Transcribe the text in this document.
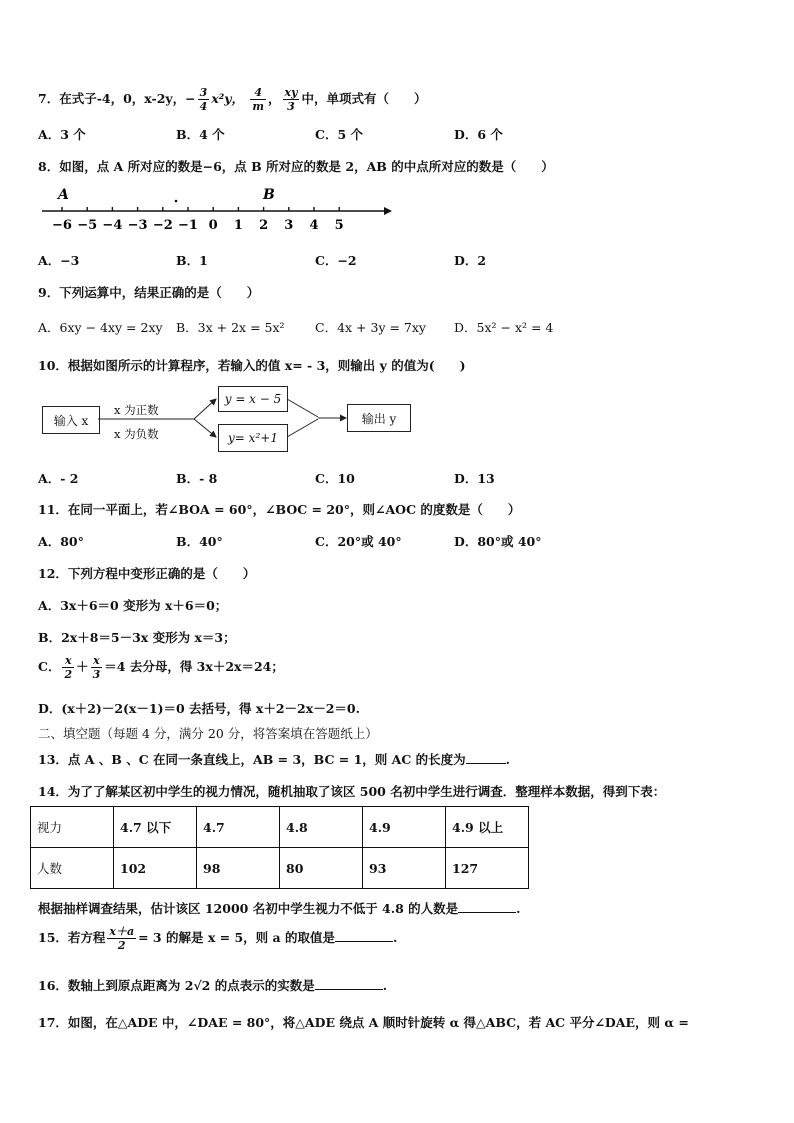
7．在式子-4，0，x-2y，− $\frac{3}{4} x^2y$， $\frac{4}{m}$ ， $\frac{xy}{3}$ 中，单项式有（　　）
A．3 个	B．4 个	C．5 个	D．6 个
8．如图，点 A 所对应的数是−6，点 B 所对应的数是 2，AB 的中点所对应的数是（　　）
−6 −5 −4 −3 −2 −1 0 1 2 3 4 5
A	B
A．−3	B．1	C．−2	D．2
9．下列运算中，结果正确的是（　　）
A．6xy − 4xy = 2xy B．3x + 2x = 5x² C．4x + 3y = 7xy D．5x² − x² = 4
10．根据如图所示的计算程序，若输入的值 x= - 3，则输出 y 的值为(　　)
输入 x
y = x − 5
y= x²+1
输出 y
x 为正数
x 为负数
A．- 2	B．- 8	C．10	D．13
11．在同一平面上，若∠BOA = 60°，∠BOC = 20°，则∠AOC 的度数是（　　）
A．80°	B．40°	C．20°或 40°	D．80°或 40°
12．下列方程中变形正确的是（　　）
A．3x＋6＝0 变形为 x＋6＝0；
B．2x＋8＝5－3x 变形为 x＝3；
C． $\frac{x}{2} + \frac{x}{3} =4$ 去分母，得 3x＋2x＝24；
D．(x＋2)－2(x－1)＝0 去括号，得 x＋2－2x－2＝0.
二、填空题（每题 4 分，满分 20 分，将答案填在答题纸上）
13．点 A 、B 、C 在同一条直线上，AB = 3，BC = 1，则 AC 的长度为	.
14．为了了解某区初中学生的视力情况，随机抽取了该区 500 名初中学生进行调查．整理样本数据，得到下表：
视力	4.7 以下	4.7	4.8	4.9	4.9 以上
人数	102	98	80	93	127
根据抽样调查结果，估计该区 12000 名初中学生视力不低于 4.8 的人数是	.
15．若方程 $\frac{x+a}{2} = 3$ 的解是 x = 5，则 a 的取值是	.
16．数轴上到原点距离为 2√2 的点表示的实数是	.
17．如图，在△ADE 中，∠DAE = 80°，将△ADE 绕点 A 顺时针旋转 α 得△ABC，若 AC 平分∠DAE，则 α =
